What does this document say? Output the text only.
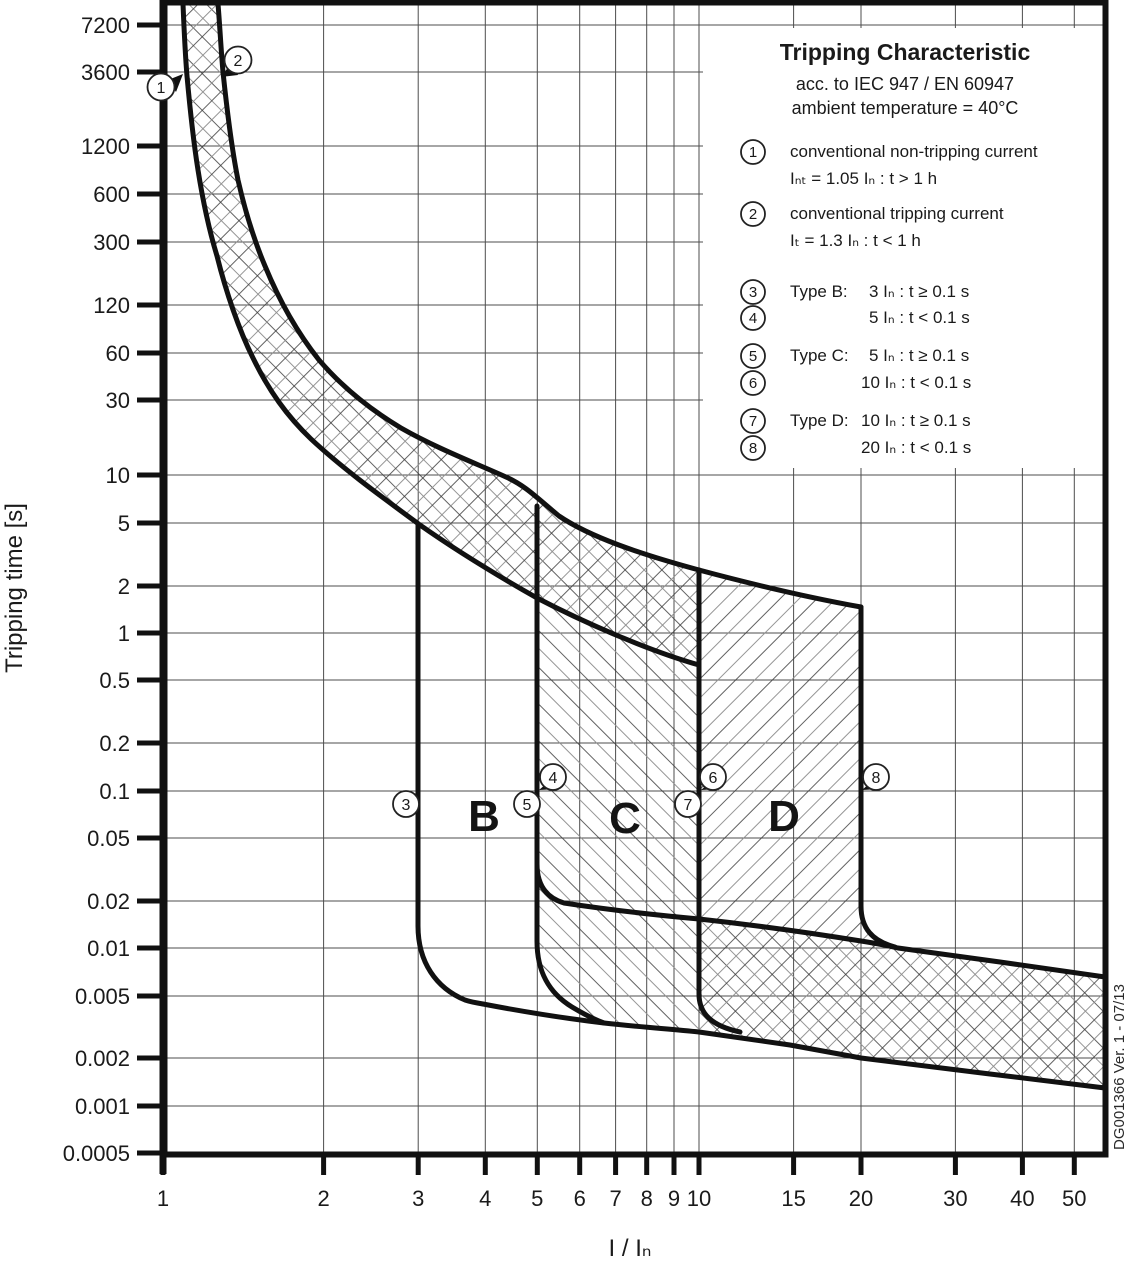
7200
3600
1200
600
300
120
60
30
10
5
2
1
0.5
0.2
0.1
0.05
0.02
0.01
0.005
0.002
0.001
0.0005
1	2	3 4 5 6 7 8 9 10	15 20	30 40 50
Tripping time [s]
I / Iₙ
B C	D
1
2
3
4
5
6
7
8
Tripping Characteristic
acc. to IEC 947 / EN 60947
ambient temperature = 40°C
1 conventional non-tripping current
Iₙₜ = 1.05 Iₙ : t > 1 h
2 conventional tripping current
Iₜ = 1.3 Iₙ : t < 1 h
3 Type B: 3 Iₙ : t ≥ 0.1 s
4	5 Iₙ : t < 0.1 s
5 Type C: 5 Iₙ : t ≥ 0.1 s
6	10 Iₙ : t < 0.1 s
7 Type D: 10 Iₙ : t ≥ 0.1 s
8	20 Iₙ : t < 0.1 s
DG001366 Ver. 1 - 07/13
